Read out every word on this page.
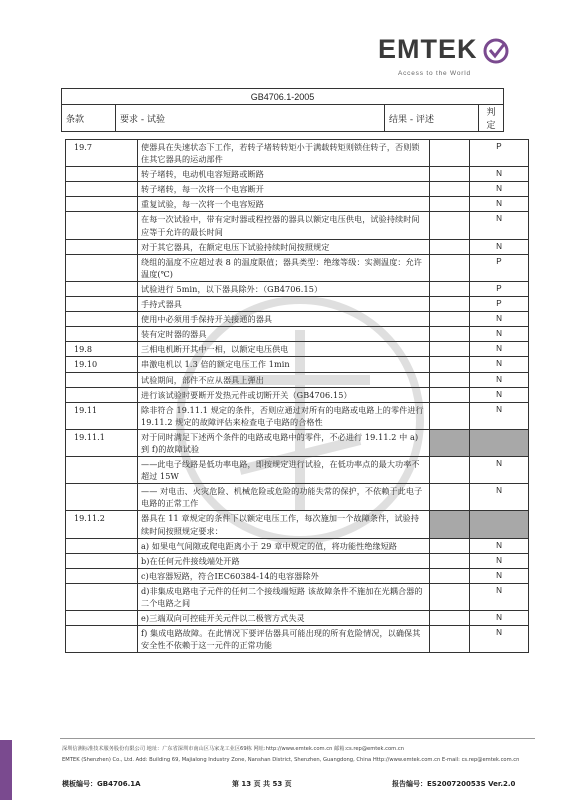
EMTEK
Access to the World
GB4706.1-2005
条款	要求 - 试验	结果 - 评述	判定
19.7	使器具在失速状态下工作，若转子堵转转矩小于满载转矩则锁住转子，否则锁住其它器具的运动部件		P
	转子堵转，电动机电容短路或断路		N
	转子堵转，每一次将一个电容断开		N
	重复试验，每一次将一个电容短路		N
	在每一次试验中，带有定时器或程控器的器具以额定电压供电，试验持续时间应等于允许的最长时间		N
	对于其它器具，在额定电压下试验持续时间按照规定		N
	绕组的温度不应超过表 8 的温度限值；器具类型：绝缘等级：实测温度：允许温度(℃)		P
	试验进行 5min，以下器具除外：（GB4706.15）		P
	手持式器具		P
	使用中必须用手保持开关接通的器具		N
	装有定时器的器具		N
19.8	三相电机断开其中一相，以额定电压供电		N
19.10	串激电机以 1.3 倍的额定电压工作 1min		N
	试验期间，部件不应从器具上弹出		N
	进行该试验时要断开发热元件或切断开关（GB4706.15）		N
19.11	除非符合 19.11.1 规定的条件，否则应通过对所有的电路或电路上的零件进行 19.11.2 规定的故障评估来检查电子电路的合格性		N
19.11.1	对于同时满足下述两个条件的电路或电路中的零件，不必进行 19.11.2 中 a)到 f)的故障试验		
	——此电子线路是低功率电路，即按规定进行试验，在低功率点的最大功率不超过 15W		N
	—— 对电击、火灾危险、机械危险或危险的功能失常的保护，不依赖于此电子电路的正常工作		N
19.11.2	器具在 11 章规定的条件下以额定电压工作，每次施加一个故障条件，试验持续时间按照规定要求：		
	a) 如果电气间隙或爬电距离小于 29 章中规定的值，将功能性绝缘短路		N
	b)在任何元件接线端处开路		N
	c)电容器短路，符合IEC60384-14的电容器除外		N
	d)非集成电路电子元件的任何二个接线端短路 该故障条件不施加在光耦合器的二个电路之间		N
	e)三端双向可控硅开关元件以二极管方式失灵		N
	f) 集成电路故障。在此情况下要评估器具可能出现的所有危险情况，以确保其安全性不依赖于这一元件的正常功能		N
深圳信测标准技术服务股份有限公司 地址：广东省深圳市南山区马家龙工业区69栋 网址:http://www.emtek.com.cn 邮箱:cs.rep@emtek.com.cn
EMTEK (Shenzhen) Co., Ltd. Add: Building 69, Majialong Industry Zone, Nanshan District, Shenzhen, Guangdong, China Http://www.emtek.com.cn E-mail: cs.rep@emtek.com.cn
模板编号：GB4706.1A	第 13 页 共 53 页	报告编号：ES200720053S Ver.2.0
